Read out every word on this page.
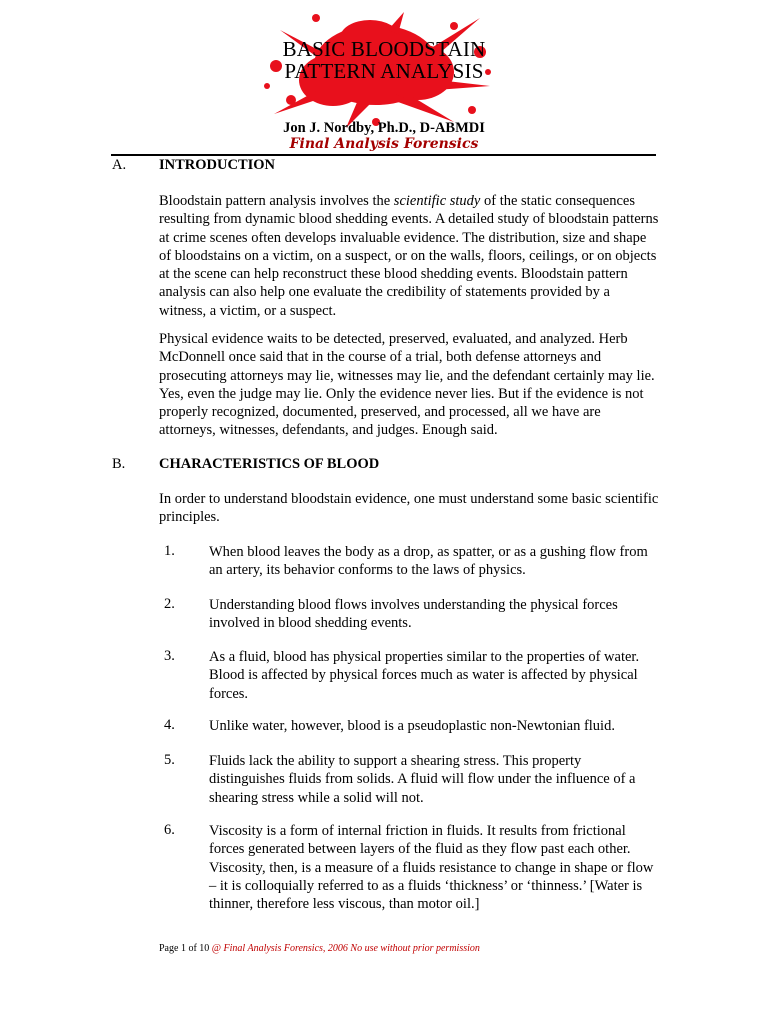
BASIC BLOODSTAIN
PATTERN ANALYSIS
Jon J. Nordby, Ph.D., D-ABMDI
Final Analysis Forensics
A. INTRODUCTION
Bloodstain pattern analysis involves the scientific study of the static consequences resulting from dynamic blood shedding events. A detailed study of bloodstain patterns at crime scenes often develops invaluable evidence. The distribution, size and shape of bloodstains on a victim, on a suspect, or on the walls, floors, ceilings, or on objects at the scene can help reconstruct these blood shedding events. Bloodstain pattern analysis can also help one evaluate the credibility of statements provided by a witness, a victim, or a suspect.
Physical evidence waits to be detected, preserved, evaluated, and analyzed. Herb McDonnell once said that in the course of a trial, both defense attorneys and prosecuting attorneys may lie, witnesses may lie, and the defendant certainly may lie. Yes, even the judge may lie. Only the evidence never lies. But if the evidence is not properly recognized, documented, preserved, and processed, all we have are attorneys, witnesses, defendants, and judges. Enough said.
B. CHARACTERISTICS OF BLOOD
In order to understand bloodstain evidence, one must understand some basic scientific principles.
1. When blood leaves the body as a drop, as spatter, or as a gushing flow from an artery, its behavior conforms to the laws of physics.
2. Understanding blood flows involves understanding the physical forces involved in blood shedding events.
3. As a fluid, blood has physical properties similar to the properties of water. Blood is affected by physical forces much as water is affected by physical forces.
4. Unlike water, however, blood is a pseudoplastic non-Newtonian fluid.
5. Fluids lack the ability to support a shearing stress. This property distinguishes fluids from solids. A fluid will flow under the influence of a shearing stress while a solid will not.
6. Viscosity is a form of internal friction in fluids. It results from frictional forces generated between layers of the fluid as they flow past each other. Viscosity, then, is a measure of a fluids resistance to change in shape or flow – it is colloquially referred to as a fluids ‘thickness’ or ‘thinness.’ [Water is thinner, therefore less viscous, than motor oil.]
Page 1 of 10 @ Final Analysis Forensics, 2006 No use without prior permission
